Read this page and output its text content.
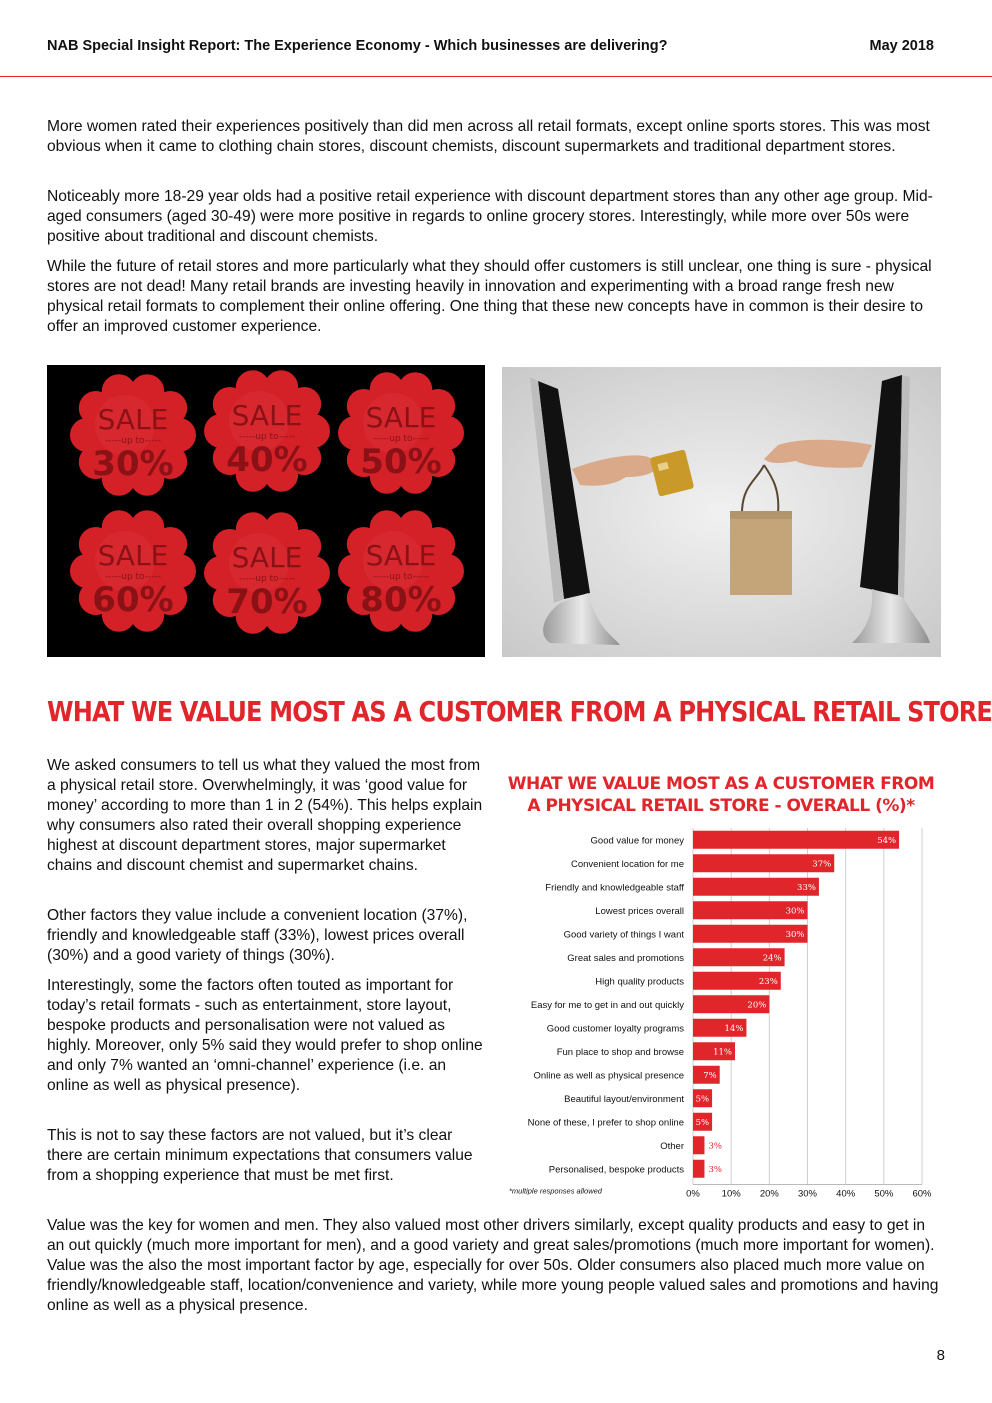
NAB Special Insight Report: The Experience Economy - Which businesses are delivering?	May 2018

More women rated their experiences positively than did men across all retail formats, except online sports stores. This was most obvious when it came to clothing chain stores, discount chemists, discount supermarkets and traditional department stores.

Noticeably more 18-29 year olds had a positive retail experience with discount department stores than any other age group. Mid-aged consumers (aged 30-49) were more positive in regards to online grocery stores. Interestingly, while more over 50s were positive about traditional and discount chemists.

While the future of retail stores and more particularly what they should offer customers is still unclear, one thing is sure - physical stores are not dead! Many retail brands are investing heavily in innovation and experimenting with a broad range fresh new physical retail formats to complement their online offering. One thing that these new concepts have in common is their desire to offer an improved customer experience.

SALE
-----up to-----
30%
SALE
-----up to-----
40%
SALE
-----up to-----
50%
SALE
-----up to-----
60%
SALE
-----up to-----
70%
SALE
-----up to-----
80%
WHAT WE VALUE MOST AS A CUSTOMER FROM A PHYSICAL RETAIL STORE

We asked consumers to tell us what they valued the most from a physical retail store. Overwhelmingly, it was ‘good value for money’ according to more than 1 in 2 (54%). This helps explain why consumers also rated their overall shopping experience highest at discount department stores, major supermarket chains and discount chemist and supermarket chains.

Other factors they value include a convenient location (37%), friendly and knowledgeable staff (33%), lowest prices overall (30%) and a good variety of things (30%).

Interestingly, some the factors often touted as important for today’s retail formats - such as entertainment, store layout, bespoke products and personalisation were not valued as highly. Moreover, only 5% said they would prefer to shop online and only 7% wanted an ‘omni-channel’ experience (i.e. an online as well as physical presence).

This is not to say these factors are not valued, but it’s clear there are certain minimum expectations that consumers value from a shopping experience that must be met first.

WHAT WE VALUE MOST AS A CUSTOMER FROM A PHYSICAL RETAIL STORE - OVERALL (%)*
0% 10% 20% 30% 40% 50% 60%
Good value for money	54%
Convenient location for me	37%
Friendly and knowledgeable staff	33%
Lowest prices overall	30%
Good variety of things I want	30%
Great sales and promotions	24%
High quality products	23%
Easy for me to get in and out quickly	20%
Good customer loyalty programs	14%
Fun place to shop and browse	11%
Online as well as physical presence 7%
Beautiful layout/environment 5%
None of these, I prefer to shop online 5%
Other	3%
Personalised, bespoke products	3%
*multiple responses allowed

Value was the key for women and men. They also valued most other drivers similarly, except quality products and easy to get in an out quickly (much more important for men), and a good variety and great sales/promotions (much more important for women). Value was the also the most important factor by age, especially for over 50s. Older consumers also placed much more value on friendly/knowledgeable staff, location/convenience and variety, while more young people valued sales and promotions and having online as well as a physical presence.

8
